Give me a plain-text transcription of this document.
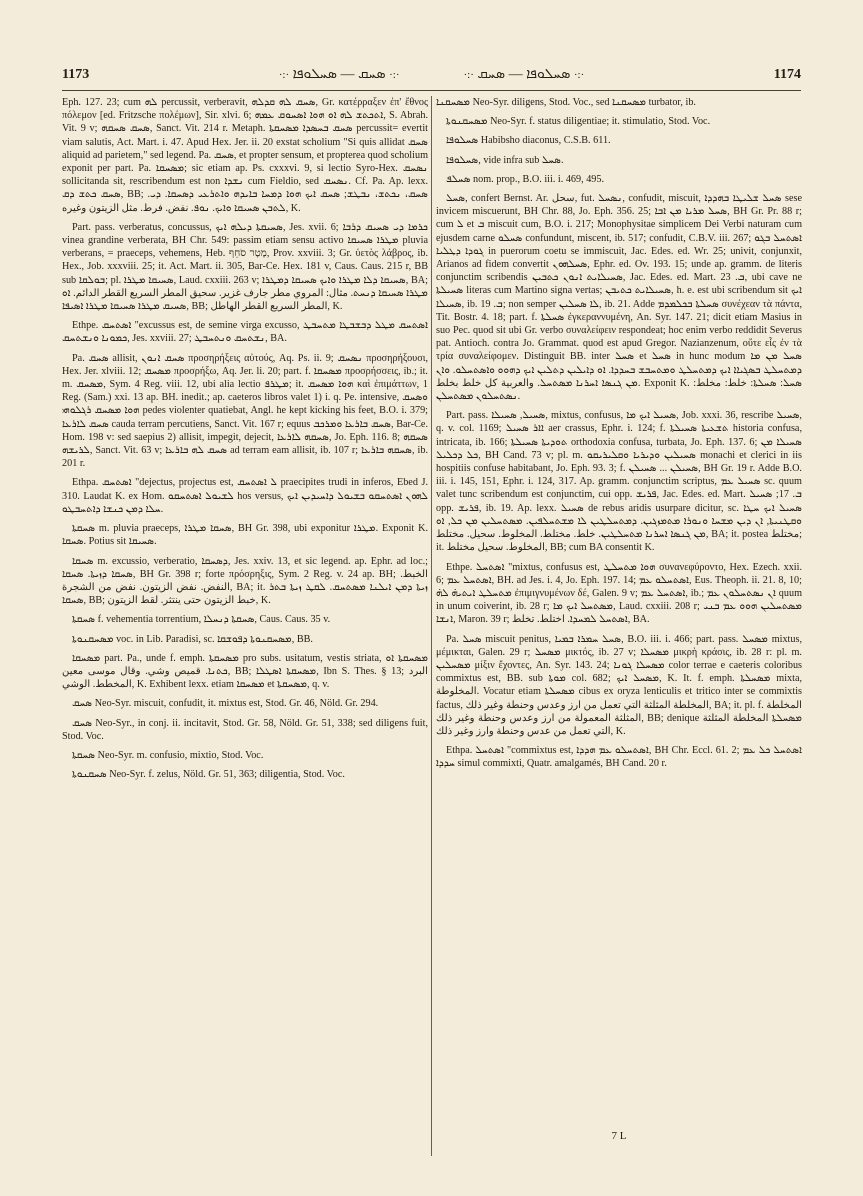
1173	·:·	ܣܚܩ — ܣܚܠܘܦܐ	·:·	·:·	ܣܚܠܘܦܐ — ܣܚܩ	·:·	1174

Eph. 127. 23; cum ܠܗ percussit, verberavit, ܣܚܩ ܠܗ ܩܕܠܗ, Gr. κατέρραξεν ἐπ' ἔθνος πόλεμον [ed. Fritzsche πολέμων], Sir. xlvi. 6; ܐܬܟܬܫ ܠܗ ܐܘ ܗܘܐ ܐܣܚܘܩ ܥܡܗ, S. Abrah. Vit. 9 v; ܣܚܩ ܣܚܩܗ, Sanct. Vit. 214 r. Metaph. ܣܚܩ ܒܚܣܕܐ ܡܣܚܩܬܐ percussit= evertit viam salutis, Act. Mart. i. 47. Apud Hex. Jer. ii. 20 exstat scholium "Si quis allidat ܣܚܩ aliquid ad parietem," sed legend. Pa. ܣܚܩ, et propter sensum, et propterea quod scholium exponit per part. Pa. ܡܣܚܩܐ; sic etiam ap. Ps. cxxxvi. 9, si lectio Syro-Hex. ܢܣܚܩ sollicitanda sit, rescribendum est non ܢܫܕܐ cum Fieldio, sed ܢܣܚܩ. Cf. Pa. Ap. lexx. ܣܚܩ ܟܬܫ ܕܩ, BB; ܣܚܩ، ܢܟܬܫ، ܢܒܛܫ; ܣܚܩ ܐܝܟ ܗܘܐ ܕܡܚܐ ܒܐܝܕܗ ܘܐܬܪܥܝ ܕܣܚܩܐ. ܕܝ. ܠܬܒܢ ܣܚܝܩܐ ܘܐܝܟ. ܢܘܦ. نفض. فرط. مثل الزيتون وغيره, K.

Part. pass. verberatus, concussus, ܣܚܝܩܬܐ ܕܝܠܗ ܐܝܟ, Jes. xvii. 6; ܟܪܡܐ ܕܝ ܣܚܝܩ ܕܪܒܐ vinea grandine verberata, BH Chr. 549: passim etiam sensu activo ܡܛܪܐ ܣܚܝܩܐ pluvia verberans, = praeceps, vehemens, Heb. מָטָר סֹחֵף, Prov. xxviii. 3; Gr. ὑετὸς λάβρος, ib. Hex., Job. xxxviii. 25; it. Act. Mart. ii. 305, Bar-Ce. Hex. 181 v, Caus. Caus. 215 r, BB sub ܒܘܠܩܐ; pl. ܣܚܝܩܐ ܡܛܪܐ, Laud. cxxiii. 263 v; ܣܚܝܩܐ ܕܠܐ ܡܛܪܐ ܘܐܝܟ ܣܚܝܩܐ ܕܡܛܪܐ, BA; ܡܛܪܐ ܣܚܝܩܐ ܕܢܚܬ. مثال: المروي مطر جارف غزير. سحيق المطر السريع القطر الدائم. ܐܘ ܣܚܝܩ ܡܛܪܐ ܣܚܝܩܐ ܡܛܪܐ ܐܣܝܦܐ, BB; المطر السريع القطر الهاطل, K.

Ethpe. ܐܣܬܚܩ "excussus est, de semine virga excusso, ܐܣܬܚܩ ܡܛܠ ܕܒܫܒܛܐ ܡܬܚܒܛ ܟܡܘܢܐ ܘܢܫܬܚܩ, Jes. xxviii. 27; ܢܫܬܚܩ ܘܢܬܚܒܛ, BA.

Pa. ܣܚܩ allisit, ܣܚܩ ܐܢܘܢ προσηρήξεις αὐτούς, Aq. Ps. ii. 9; ܢܣܚܩ προσηρήξουσι, Hex. Jer. xlviii. 12; ܡܣܚܩ προσρήξω, Aq. Jer. li. 20; part. f. ܡܣܚܩܐ προσρήσσεις, ib.; it. m. ܡܣܚܩ, Sym. 4 Reg. viii. 12, ubi alia lectio ܡܛܪܦ; it. ܗܘܐ ܡܣܚܩ καὶ ἐπιμάττων, 1 Reg. (Sam.) xxi. 13 ap. BH. inedit.; ap. caeteros libros valet 1) i. q. Pe. intensive, ܘܣܚܩ ܗܘܐ ܡܣܚܩ ܪܓܠܘܗܝ pedes violenter quatiebat, Angl. he kept kicking his feet, B.O. i. 379; ܣܚܩ ܠܐܪܥܐ cauda terram percutiens, Sanct. Vit. 167 r; equus ܣܚܩ ܒܐܪܥܐ ܘܡܪܟܒ, Bar-Ce. Hom. 198 v: sed saepius 2) allisit, impegit, dejecit, ܣܚܩܗ ܠܐܪܥܐ, Jo. Eph. 116. 8; ܣܚܩܗ ܠܪܝܫܗ, Sanct. Vit. 63 v; ܣܚܩ ܠܗ ܒܐܪܥܐ ad terram eam allisit, ib. 107 r; ܣܚܩܗ ܒܐܪܥܐ, ib. 201 r.

Ethpa. ܐܣܬܚܩ "dejectus, projectus est, ܠ ܐܣܬܚܩ praecipites trudi in inferos, Ebed J. 310. Laudat K. ex Hom. ܠܫܝܘܠ ܐܣܬܚܩܘ hos versus, ܠܗܘܢ ܐܣܬܚܩܘ ܒܫܝܘܠ ܕܐܚܝܕܝܢ ܐܝܟ ܚܠܐ ܕܡܢ ܟܢܫܐ ܕܐܬܚܒܛܘ.

ܣܚܩܬܐ m. pluvia praeceps, ܣܚܩܐ ܡܛܪܐ, BH Gr. 398, ubi exponitur ܡܛܪܐ. Exponit K. ܣܚܩܐ. Potius sit ܣܚܝܩܐ.

ܣܚܩܐ m. excussio, verberatio, ܕܣܚܩܐ, Jes. xxiv. 13, et sic legend. ap. Ephr. ad loc.; ܣܚܩܐ ܕܙܝܬܐ. ܣܚܩܐ, BH Gr. 398 r; forte πρόσρηξις, Sym. 2 Reg. v. 24 ap. BH; الخبط. النفض. نفض الزيتون. نفض من الشجرة, BA; it. ܙܝܬܐ ܕܡܢ ܐܝܠܢܐ ܡܣܬܚܩ. ܠܩܛ ܙܝܬܐ ܒܬܪ ܣܚܩܐ, BB; خبط الزيتون حتى ينتثر. لقط الزيتون, K.

ܣܚܩܬܐ f. vehementia torrentium, ܣܚܩܬܐ ܕܢܚܠܐ, Caus. Caus. 35 v.

ܡܣܚܩܢܘܬܐ voc. in Lib. Paradisi, sc. ܡܣܚܩܢܘܬܐ ܕܦܘܫܩܐ, BB.

ܡܣܚܩܐ part. Pa., unde f. emph. ܡܣܚܩܬܐ pro subs. usitatum, vestis striata, ܡܣܚܩܬܐ ܐܘ ܟܬܢܐ. قميص وشي. وقال موسى معين, BB; ܡܣܚܩܬܐ ܐܣܛܠܐ, Ibn S. Thes. § 13; البرد المخطط. الوشي, K. Exhibent lexx. etiam ܡܣܚܩܐ et ܡܣܚܩܬܐ, q. v.

ܣܚܩ Neo-Syr. miscuit, confudit, it. mixtus est, Stod. Gr. 46, Nöld. Gr. 294.

ܣܚܩ Neo-Syr., in conj. ii. incitavit, Stod. Gr. 58, Nöld. Gr. 51, 338; sed diligens fuit, Stod. Voc.

ܣܚܩܬܐ Neo-Syr. m. confusio, mixtio, Stod. Voc.

ܣܚܩܢܘܬܐ Neo-Syr. f. zelus, Nöld. Gr. 51, 363; diligentia, Stod. Voc.

ܡܣܚܩܢܐ Neo-Syr. diligens, Stod. Voc., sed ܡܣܚܩܢܐ turbator, ib.

ܡܣܚܩܢܘܬܐ Neo-Syr. f. status diligentiae; it. stimulatio, Stod. Voc.

ܣܚܠܘܦܐ Habibsho diaconus, C.S.B. 611.

ܣܚܠܘܦܐ, vide infra sub ܣܚܠ.

ܣܚܠܦ nom. prop., B.O. iii. i. 469, 495.

ܣܚܠ, confert Bernst. Ar. سحل, fut. ܢܣܚܠ, confudit, miscuit, ܣܚܠ ܫܠܝܛܐ ܒܗܕܕܐ sese invicem miscuerunt, BH Chr. 88, Jo. Eph. 356. 25; ܣܚܠ ܡܪܝܐ ܡܢ ܐܒܐ, BH Gr. Pr. 88 r; cum ܠ et ܒ miscuit cum, B.O. i. 217; Monophysitae simplicem Dei Verbi naturam cum ejusdem carne ܣܚܠܘ confundunt, miscent, ib. 517; confudit, C.B.V. iii. 267; ܐܣܬܚܠ ܒܓܘ ܓܘܕܐ ܕܛܠܝܐ in puerorum coetu se immiscuit, Jac. Edes. ed. Wr. 25; univit, conjunxit, Arianos ad fidem convertit ܣܚܠܗܘܢ, Ephr. ed. Ov. 193. 15; unde ap. gramm. de literis conjunctim scribendis ܣܚܝܠܐܝܬ ܐܢܘܢ ܟܬܒܝܢ, Jac. Edes. ed. Mart. ܒ. 23, ubi cave ne ܣܚܝܠܬܐ literas cum Martino signa vertas; ܣܚܝܠܐܝܬ ܟܬܝܒܢ, h. e. est ubi scribendum sit ܐܝܟ ܣܚܝܠܐ, ib. ܒ. 19; non semper ܠܐ ܣܚܠܝܢ, ib. 21. Adde ܣܚܠܬܐ ܒܟܠܡܕܡ συνέχεαν τὰ πάντα, Tit. Bostr. 4. 18; part. f. ܣܚܠܬܐ ἐγκεραννυμένη, An. Syr. 147. 21; dicit etiam Masius in suo Pec. quod sit ubi Gr. verbo συναλείφειν respondeat; hoc enim verbo reddidit Severus pat. Antioch. contra Jo. Grammat. quod est apud Gregor. Nazianzenum, οὔτε εἷς ἐν τὰ τρία συναλείφομεν. Distinguit BB. inter ܣܚܠ et ܣܚܠ in hunc modum ܣܚܠ ܡܢ ܡܐ ܕܡܬܚܠܛ ܒܣܓܝܐܐ ܐܝܟ ܕܡܬܚܠܛ ܘܡܬܚܒܫ ܒܚܕܕܐ. ܐܘ ܕܐܝܠܝܢ ܕܬܠܝܢ ܐܝܟ ܕܗܘܘ ܘܐܣܬܚܠܘ. ܘܐܢ ܡܢ ܓܢܣܐ ܐܚܪܢܐ ܡܣܬܚܠ. والعربية كل خلط بخلط. Exponit K. ܣܚܠ: ܣܚܠܬܐ: خلط: مخلط: ܢܣܬܚܠܘܢ ܡܣܬܚܠܢ.

Part. pass. ܣܚܝܠ, ܣܚܝܠܐ, mixtus, confusus, ܣܚܝܠ ܐܝܟ ܡܐ, Job. xxxi. 36, rescribe ܣܚܝܠ, q. v. col. 1169; ܐܐܪ ܣܚܝܠ aer crassus, Ephr. i. 124; f. ܬܫܥܝܬܐ ܣܚܝܠܬܐ historia confusa, intricata, ib. 166; ܬܘܕܝܬܐ ܣܚܝܠܬܐ orthodoxia confusa, turbata, Jo. Eph. 137. 6; ܣܚܝܠܐ ܡܢ ܟܠ ܕܟܠܝܠ, BH Cand. 73 v; pl. m. ܣܚܝܠܝܢ ܘܕܝܪܝܐ ܘܩܠܝܪܝܩܘ monachi et clerici in iis hospitiis confuse habitabant, Jo. Eph. 93. 3; f. ܣܚܝܠܢ ... ܣܚܝܠܢ, BH Gr. 19 r. Adde B.O. iii. i. 145, 151, Ephr. i. 124, 317. Ap. gramm. conjunctim scriptus, ܣܚܝܠ ܥܡ sc. quum valet tunc scribendum est conjunctim, cui opp. ܦܪܝܫ, Jac. Edes. ed. Mart. ܒ. 17; ܣܚܝܠ opp. ܦܪܝܫ, ib. 19. Ap. lexx. ܣܚܝܠ de rebus aridis usurpare dicitur, sc. ܣܚܝܠ ܐܝܟ ܚܛܐ ܘܩܛܢܝܬܐ, ܐܢ ܕܝܢ ܡܫܚܐ ܘܢܘܪܐ ܡܬܡܙܓܝܢ. ܕܡܬܚܠܛܝܢ ܠܐ ܡܫܬܚܠܦܝܢ. ܡܣܬܚܠܝܢ ܡܢ ܟܠ, ܐܘ ܡܢ ܓܢܣܐ ܐܚܪܢܐ ܡܬܚܠܛܝܢ. خلط. مختلط. المخلوط. سحيل. مختلط, BA; it. postea مختلط; it. المخلوط. سحيل مختلط, BB; cum BA consentit K.

Ethpe. ܐܣܬܚܠ "mixtus, confusus est, ܗܘܐ ܡܬܚܠܛ συνανεφύροντο, Hex. Ezech. xxii. 6; ܐܣܬܚܠ ܥܡ, BH. ad Jes. i. 4, Jo. Eph. 197. 14; ܐܣܬܚܠܘ ܥܡ, Eus. Theoph. ii. 21. 8, 10; ܡܬܚܠܛ ܐܝܬܝܗ̇ ܠܗ̇ ἐπιμιγνυμένων δέ, Galen. 9 v; ܐܣܬܚܠ ܥܡ, ib.; ܐܢ ܢܣܬܚܠܘܢ ܥܡ quum in unum coiverint, ib. 28 r; ܡܣܬܚܠ ܐܝܟ ܡܐ, Laud. cxxiii. 208 r; ܡܣܬܚܠܝܢ ܗܘܘ ܥܡ ܒܢܝ ܐܢܫܐ, Maron. 39 r; ܐܣܬܚܠ ܠܡܚܕܐ. اختلط. تخلط, BA.

Pa. ܣܚܠ miscuit penitus, ܣܚܠ ܚܡܪܐ ܒܡܝܐ, B.O. iii. i. 466; part. pass. ܡܣܚܠ mixtus, μέμικται, Galen. 29 r; ܡܣܚܠ μικτός, ib. 27 v; ܡܣܚܠܐ μικρὴ κράσις, ib. 28 r: pl. m. ܡܣܚܠܝܢ μίξιν ἔχοντες, An. Syr. 143. 24; ܡܣܚܠܐ ܓܘܢܐ color terrae e caeteris coloribus commixtus est, BB. sub ܡܘܬܐ col. 682; ܡܣܚܠ ܐܝܟ, K. It. f. emph. ܡܣܚܠܬܐ mixta, المخلوطة. Vocatur etiam ܡܣܚܠܬܐ cibus ex oryza lenticulis et tritico inter se commixtis factus, المخلطة المثلثة التي تعمل من ارز وعدس وحنطة وغير ذلك, BA; it. pl. f. المخلطة المثلثة المعمولة من ارز وعدس وحنطة وغير ذلك, BB; denique ܡܣܚܠܬܐ المخلطة المثلثة التي تعمل من عدس وحنطة وارز وغير ذلك, K.

Ethpa. ܐܣܬܚܠ "commixtus est, ܐܣܬܚܠܘ ܥܡ ܗܕܕܐ, BH Chr. Eccl. 61. 2; ܐܣܬܚܠ ܟܠ ܥܡ ܚܕܕܐ simul commixti, Quatr. amalgamés, BH Cand. 20 r.

7 L
